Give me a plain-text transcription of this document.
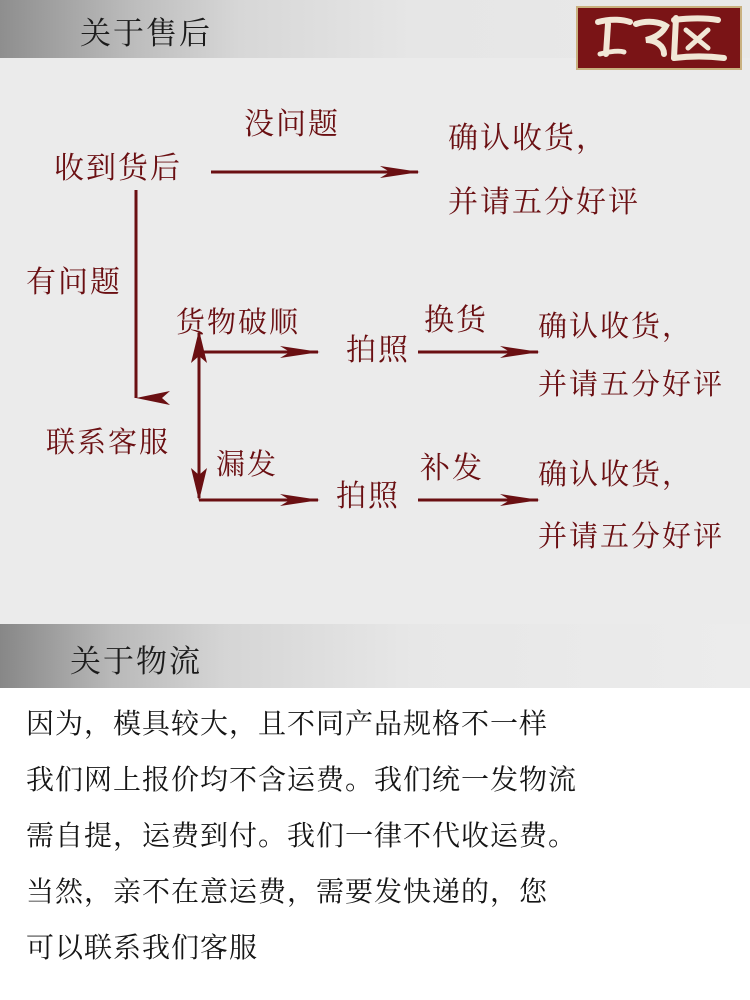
关于售后
收到货后
没问题	确认收货，
并请五分好评
有问题
联系客服
货物破顺
漏发
拍照
拍照
换货
补发
确认收货，
并请五分好评
确认收货，
并请五分好评
关于物流
因为，模具较大，且不同产品规格不一样
我们网上报价均不含运费。我们统一发物流
需自提，运费到付。我们一律不代收运费。
当然，亲不在意运费，需要发快递的，您
可以联系我们客服
